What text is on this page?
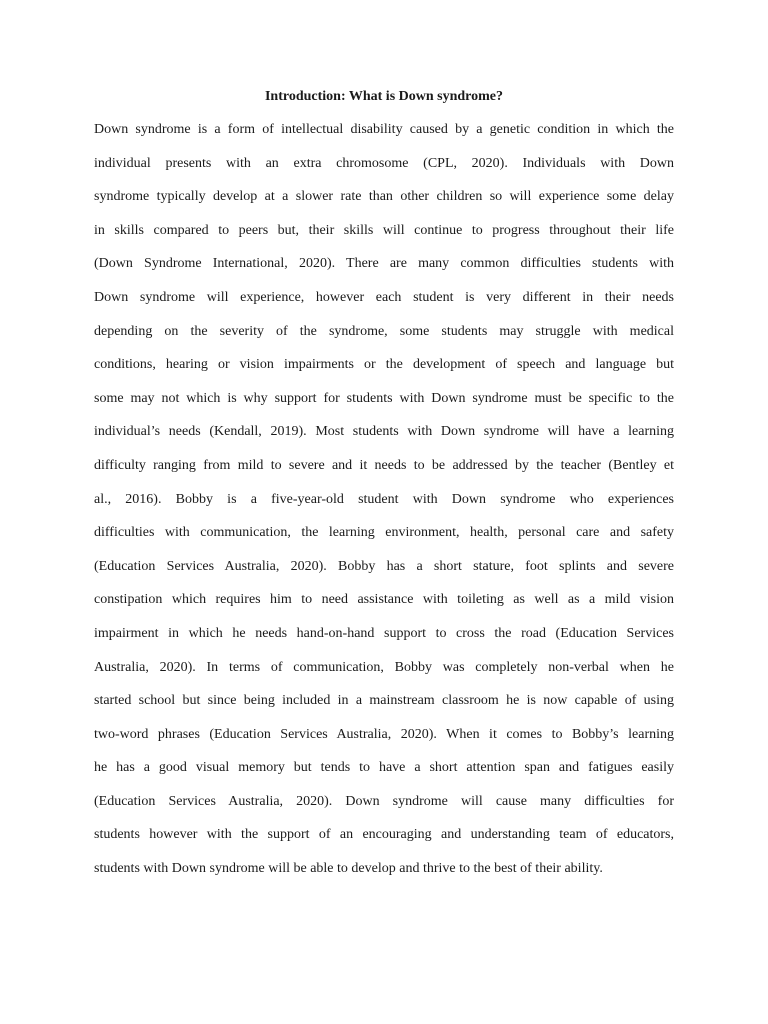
Introduction: What is Down syndrome?
Down syndrome is a form of intellectual disability caused by a genetic condition in which the
individual presents with an extra chromosome (CPL, 2020). Individuals with Down
syndrome typically develop at a slower rate than other children so will experience some delay
in skills compared to peers but, their skills will continue to progress throughout their life
(Down Syndrome International, 2020). There are many common difficulties students with
Down syndrome will experience, however each student is very different in their needs
depending on the severity of the syndrome, some students may struggle with medical
conditions, hearing or vision impairments or the development of speech and language but
some may not which is why support for students with Down syndrome must be specific to the
individual’s needs (Kendall, 2019). Most students with Down syndrome will have a learning
difficulty ranging from mild to severe and it needs to be addressed by the teacher (Bentley et
al., 2016). Bobby is a five-year-old student with Down syndrome who experiences
difficulties with communication, the learning environment, health, personal care and safety
(Education Services Australia, 2020). Bobby has a short stature, foot splints and severe
constipation which requires him to need assistance with toileting as well as a mild vision
impairment in which he needs hand-on-hand support to cross the road (Education Services
Australia, 2020). In terms of communication, Bobby was completely non-verbal when he
started school but since being included in a mainstream classroom he is now capable of using
two-word phrases (Education Services Australia, 2020). When it comes to Bobby’s learning
he has a good visual memory but tends to have a short attention span and fatigues easily
(Education Services Australia, 2020). Down syndrome will cause many difficulties for
students however with the support of an encouraging and understanding team of educators,
students with Down syndrome will be able to develop and thrive to the best of their ability.
